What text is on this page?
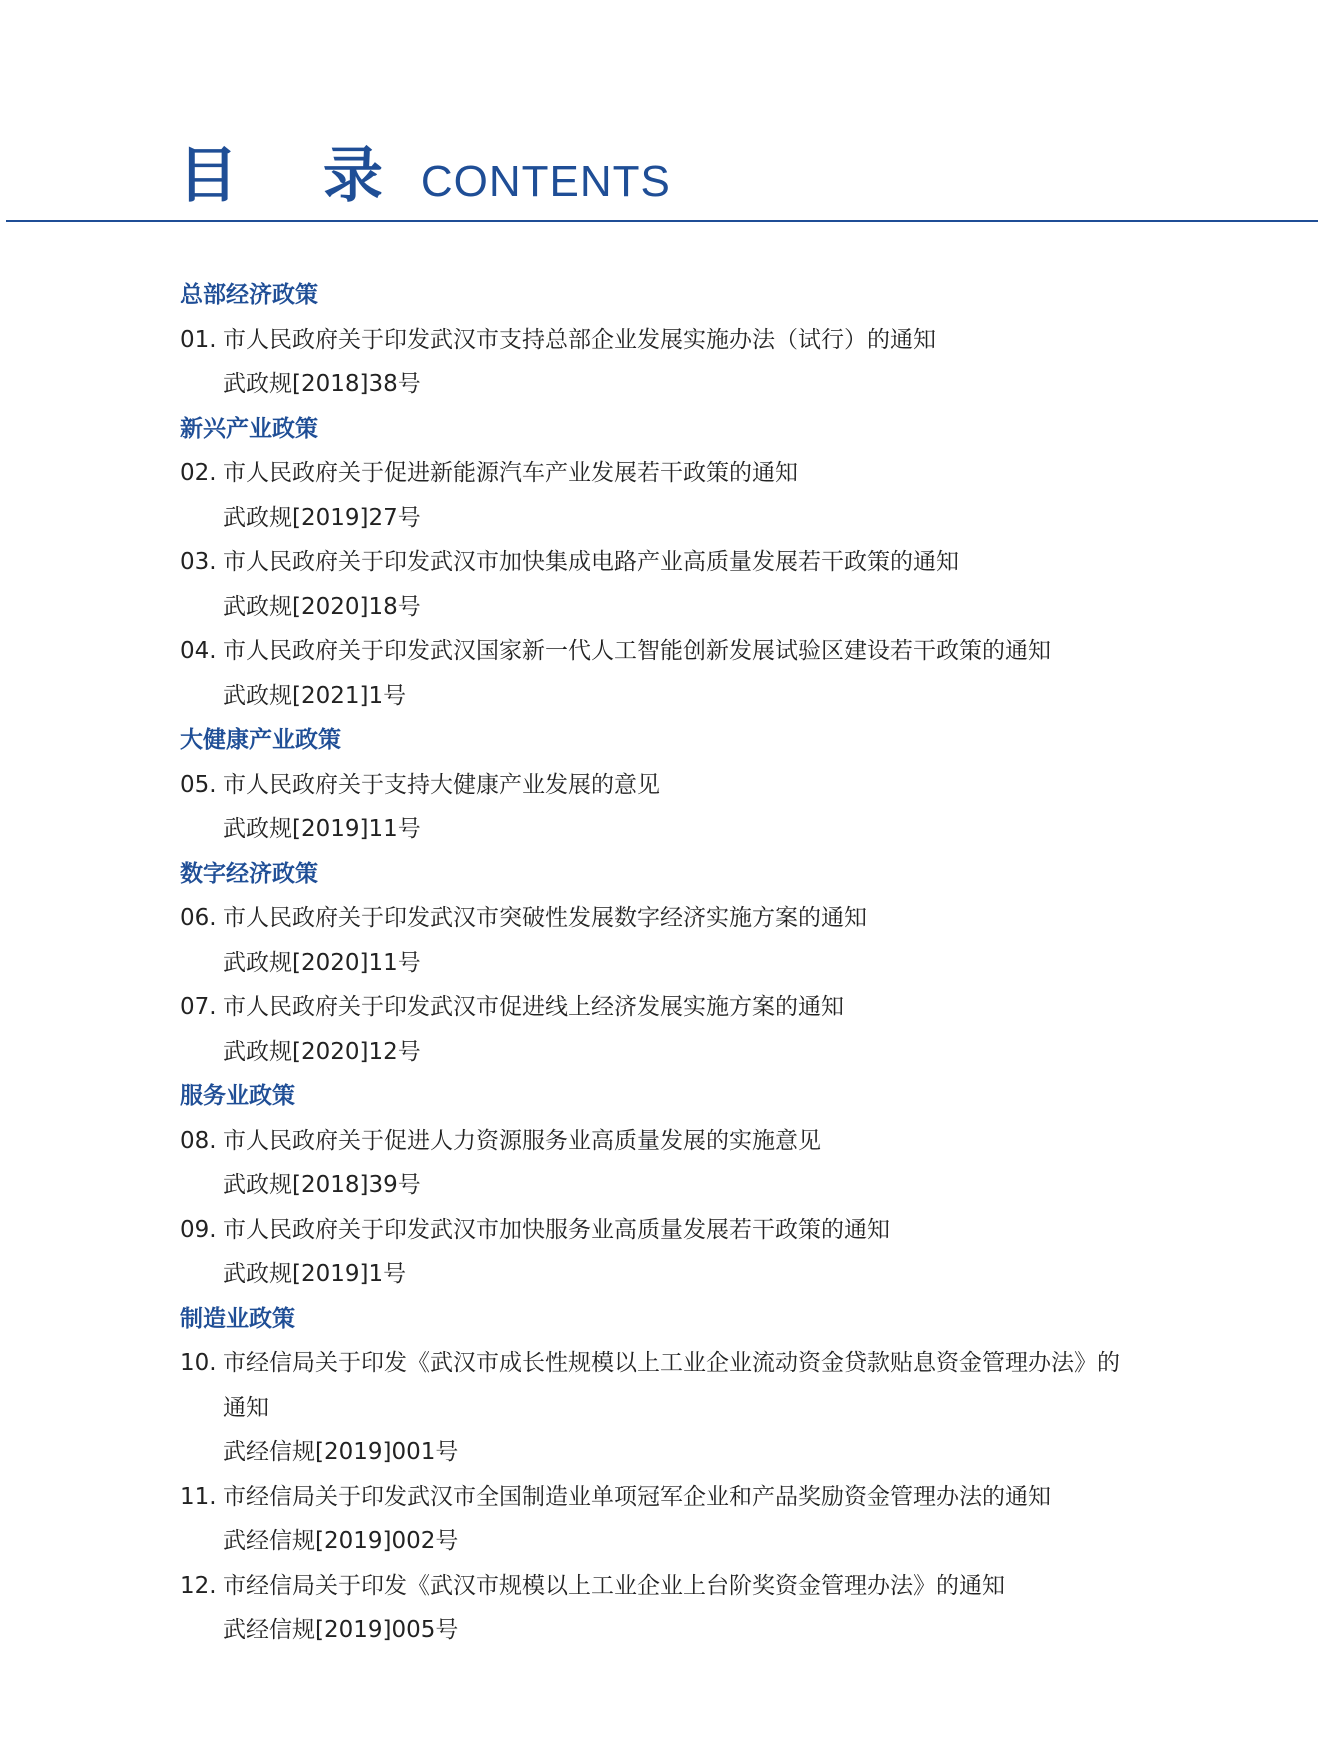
目 录 CONTENTS
总部经济政策
01. 市人民政府关于印发武汉市支持总部企业发展实施办法（试行）的通知
武政规[2018]38号
新兴产业政策
02. 市人民政府关于促进新能源汽车产业发展若干政策的通知
武政规[2019]27号
03. 市人民政府关于印发武汉市加快集成电路产业高质量发展若干政策的通知
武政规[2020]18号
04. 市人民政府关于印发武汉国家新一代人工智能创新发展试验区建设若干政策的通知
武政规[2021]1号
大健康产业政策
05. 市人民政府关于支持大健康产业发展的意见
武政规[2019]11号
数字经济政策
06. 市人民政府关于印发武汉市突破性发展数字经济实施方案的通知
武政规[2020]11号
07. 市人民政府关于印发武汉市促进线上经济发展实施方案的通知
武政规[2020]12号
服务业政策
08. 市人民政府关于促进人力资源服务业高质量发展的实施意见
武政规[2018]39号
09. 市人民政府关于印发武汉市加快服务业高质量发展若干政策的通知
武政规[2019]1号
制造业政策
10. 市经信局关于印发《武汉市成长性规模以上工业企业流动资金贷款贴息资金管理办法》的
通知
武经信规[2019]001号
11. 市经信局关于印发武汉市全国制造业单项冠军企业和产品奖励资金管理办法的通知
武经信规[2019]002号
12. 市经信局关于印发《武汉市规模以上工业企业上台阶奖资金管理办法》的通知
武经信规[2019]005号
